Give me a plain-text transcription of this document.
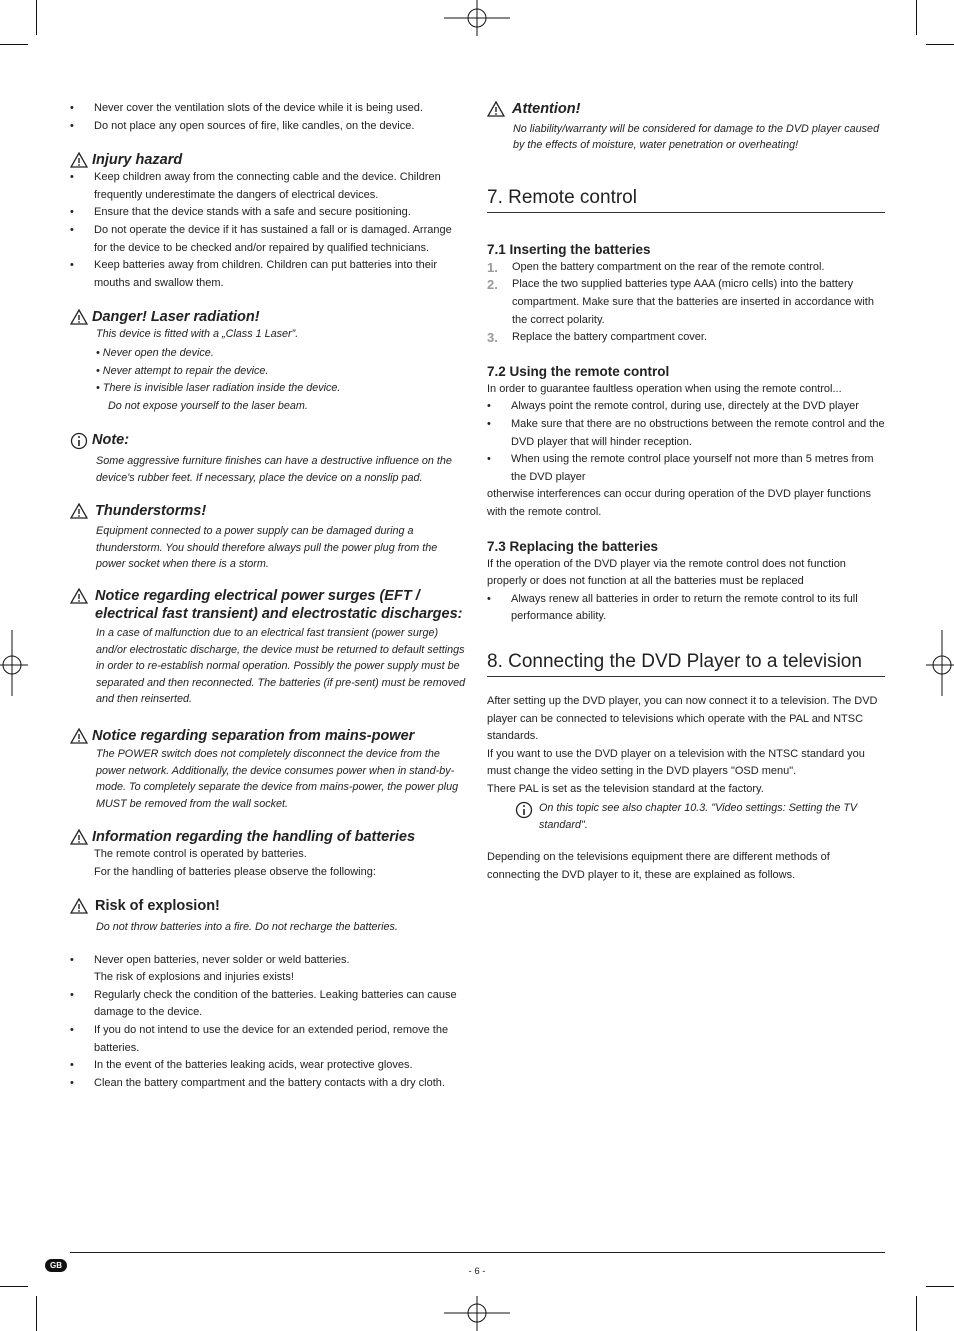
• Never cover the ventilation slots of the device while it is being used.
• Do not place any open sources of fire, like candles, on the device.
Injury hazard
• Keep children away from the connecting cable and the device. Children frequently underestimate the dangers of electrical devices.
• Ensure that the device stands with a safe and secure positioning.
• Do not operate the device if it has sustained a fall or is damaged. Arrange for the device to be checked and/or repaired by qualified technicians.
• Keep batteries away from children. Children can put batteries into their mouths and swallow them.
Danger! Laser radiation!

This device is fitted with a „Class 1 Laser”.

• Never open the device.

• Never attempt to repair the device.

• There is invisible laser radiation inside the device.

Do not expose yourself to the laser beam.

Note:
Some aggressive furniture finishes can have a destructive influence on the device's rubber feet. If necessary, place the device on a nonslip pad.
Thunderstorms!
Equipment connected to a power supply can be damaged during a thunderstorm. You should therefore always pull the power plug from the power socket when there is a storm.
Notice regarding electrical power surges (EFT / electrical fast transient) and electrostatic discharges:
In a case of malfunction due to an electrical fast transient (power surge) and/or electrostatic discharge, the device must be returned to default settings in order to re-establish normal operation. Possibly the power supply must be separated and then reconnected. The batteries (if pre-sent) must be removed and then reinserted.
Notice regarding separation from mains-power
The POWER switch does not completely disconnect the device from the power network. Additionally, the device consumes power when in stand-by-mode. To completely separate the device from mains-power, the power plug MUST be removed from the wall socket.
Information regarding the handling of batteries

The remote control is operated by batteries.

For the handling of batteries please observe the following:

Risk of explosion!
Do not throw batteries into a fire. Do not recharge the batteries.
• Never open batteries, never solder or weld batteries.
The risk of explosions and injuries exists!
• Regularly check the condition of the batteries. Leaking batteries can cause damage to the device.
• If you do not intend to use the device for an extended period, remove the batteries.
• In the event of the batteries leaking acids, wear protective gloves.
• Clean the battery compartment and the battery contacts with a dry cloth.
Attention!
No liability/warranty will be considered for damage to the DVD player caused by the effects of moisture, water penetration or overheating!
7. Remote control
7.1 Inserting the batteries
1. Open the battery compartment on the rear of the remote control.
2. Place the two supplied batteries type AAA (micro cells) into the battery compartment. Make sure that the batteries are inserted in accordance with the correct polarity.
3. Replace the battery compartment cover.
7.2 Using the remote control

In order to guarantee faultless operation when using the remote control...

• Always point the remote control, during use, directely at the DVD player
• Make sure that there are no obstructions between the remote control and the DVD player that will hinder reception.
• When using the remote control place yourself not more than 5 metres from the DVD player

otherwise interferences can occur during operation of the DVD player functions with the remote control.

7.3 Replacing the batteries

If the operation of the DVD player via the remote control does not function properly or does not function at all the batteries must be replaced

• Always renew all batteries in order to return the remote control to its full performance ability.
8. Connecting the DVD Player to a television

After setting up the DVD player, you can now connect it to a television. The DVD player can be connected to televisions which operate with the PAL and NTSC standards.

If you want to use the DVD player on a television with the NTSC standard you must change the video setting in the DVD players "OSD menu".

There PAL is set as the television standard at the factory.

On this topic see also chapter 10.3. "Video settings: Setting the TV standard".

Depending on the televisions equipment there are different methods of connecting the DVD player to it, these are explained as follows.

GB
- 6 -
